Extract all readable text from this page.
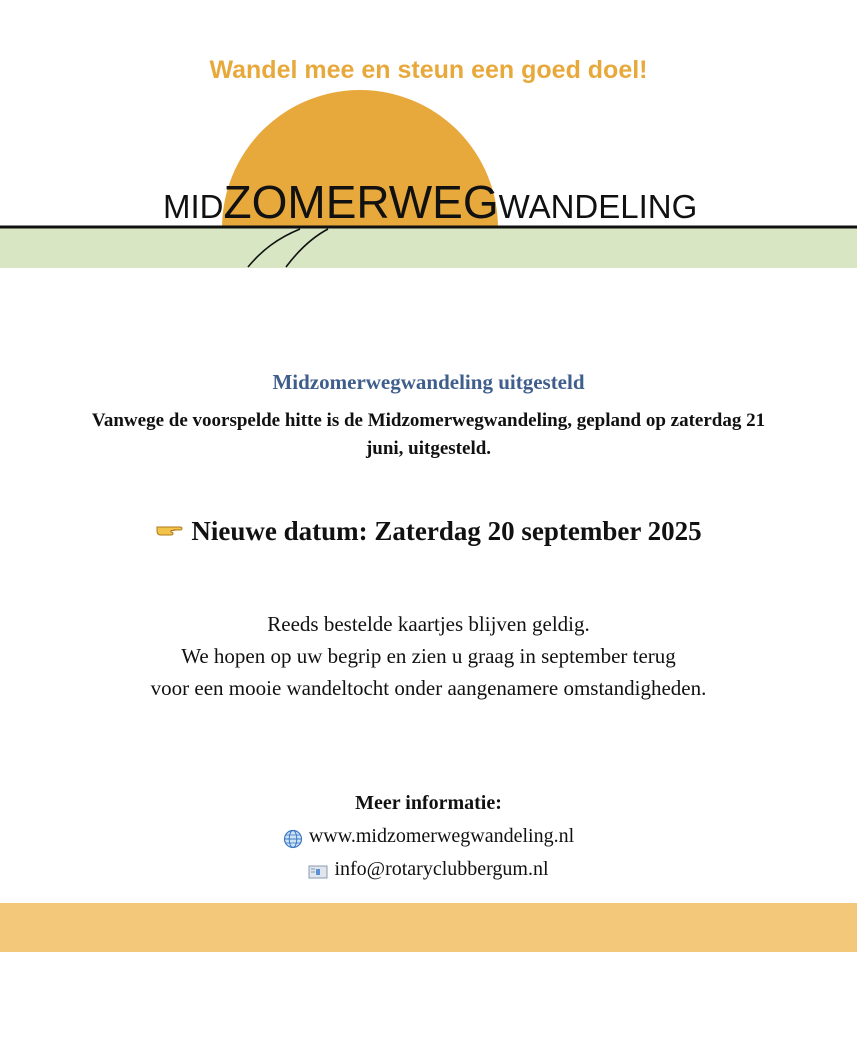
Wandel mee en steun een goed doel!
MIDZOMERWEGWANDELING
Midzomerwegwandeling uitgesteld
Vanwege de voorspelde hitte is de Midzomerwegwandeling, gepland op zaterdag 21
juni, uitgesteld.
Nieuwe datum: Zaterdag 20 september 2025
Reeds bestelde kaartjes blijven geldig.
We hopen op uw begrip en zien u graag in september terug
voor een mooie wandeltocht onder aangenamere omstandigheden.
Meer informatie:
www.midzomerwegwandeling.nl
info@rotaryclubbergum.nl
